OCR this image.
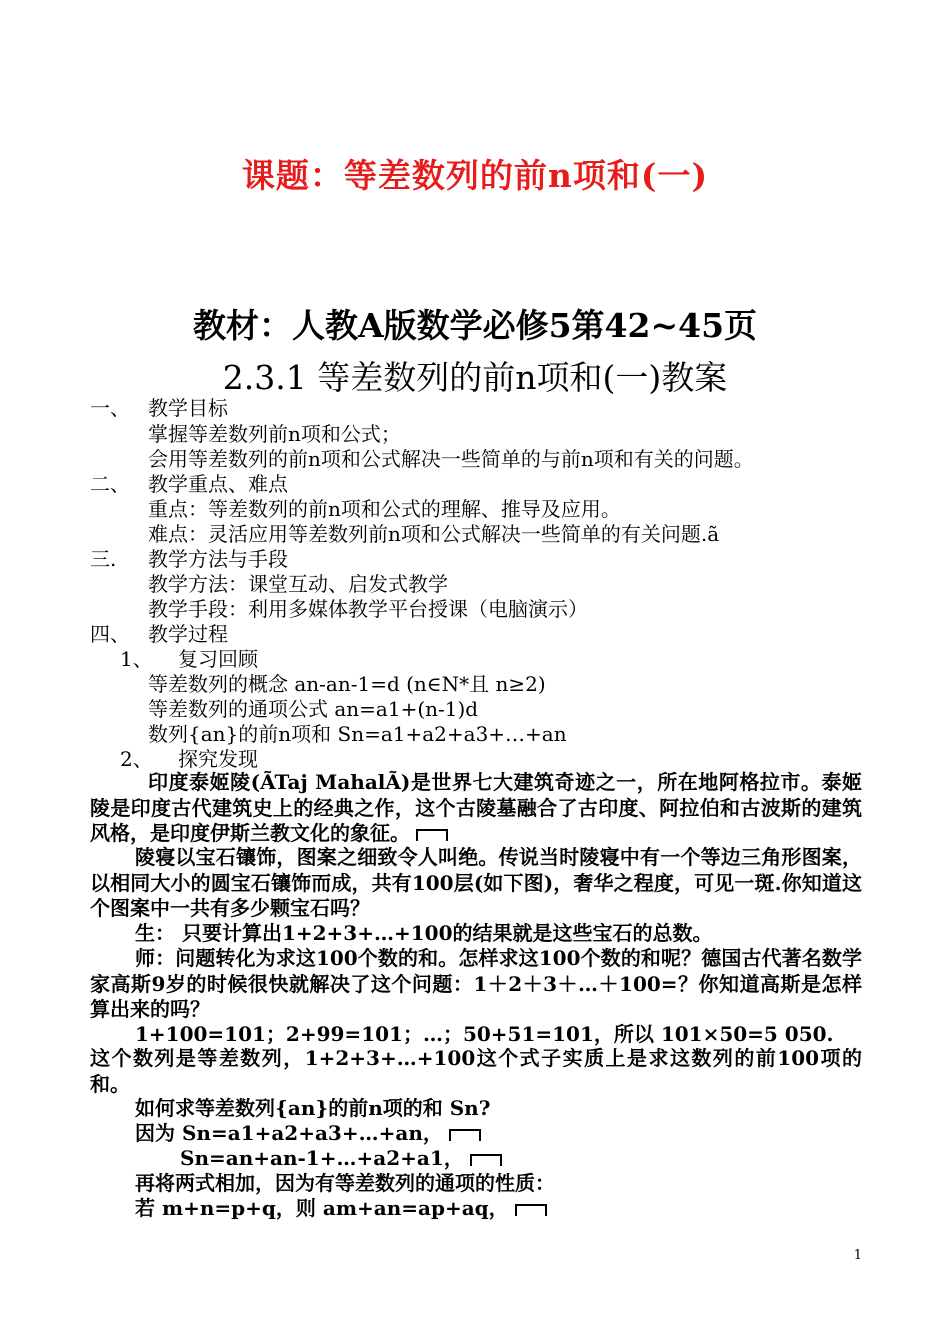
课题：等差数列的前n项和(一)
教材：人教A版数学必修5第42~45页
2.3.1 等差数列的前n项和(一)教案
一、 教学目标
掌握等差数列前n项和公式；
会用等差数列的前n项和公式解决一些简单的与前n项和有关的问题。
二、 教学重点、难点
重点：等差数列的前n项和公式的理解、推导及应用。
难点：灵活应用等差数列前n项和公式解决一些简单的有关问题.ã
三. 教学方法与手段
教学方法：课堂互动、启发式教学
教学手段：利用多媒体教学平台授课（电脑演示）
四、 教学过程
1、 复习回顾
等差数列的概念 an-an-1=d (n∈N*且 n≥2)
等差数列的通项公式 an=a1+(n-1)d
数列{an}的前n项和 Sn=a1+a2+a3+…+an
2、 探究发现
印度泰姬陵(ÃTaj MahalÃ)是世界七大建筑奇迹之一，所在地阿格拉市。泰姬陵是印度古代建筑史上的经典之作，这个古陵墓融合了古印度、阿拉伯和古波斯的建筑风格，是印度伊斯兰教文化的象征。
陵寝以宝石镶饰，图案之细致令人叫绝。传说当时陵寝中有一个等边三角形图案，以相同大小的圆宝石镶饰而成，共有100层(如下图)，奢华之程度，可见一斑.你知道这个图案中一共有多少颗宝石吗？
生： 只要计算出1+2+3+…+100的结果就是这些宝石的总数。
师：问题转化为求这100个数的和。怎样求这100个数的和呢？德国古代著名数学家高斯9岁的时候很快就解决了这个问题：1＋2＋3＋…＋100=？你知道高斯是怎样算出来的吗？
1+100=101；2+99=101；…；50+51=101，所以 101×50=5 050.
这个数列是等差数列，1+2+3+…+100这个式子实质上是求这数列的前100项的和。
如何求等差数列{an}的前n项的和 Sn?
因为 Sn=a1+a2+a3+…+an，
Sn=an+an-1+…+a2+a1，
再将两式相加，因为有等差数列的通项的性质：
若 m+n=p+q，则 am+an=ap+aq，
1
